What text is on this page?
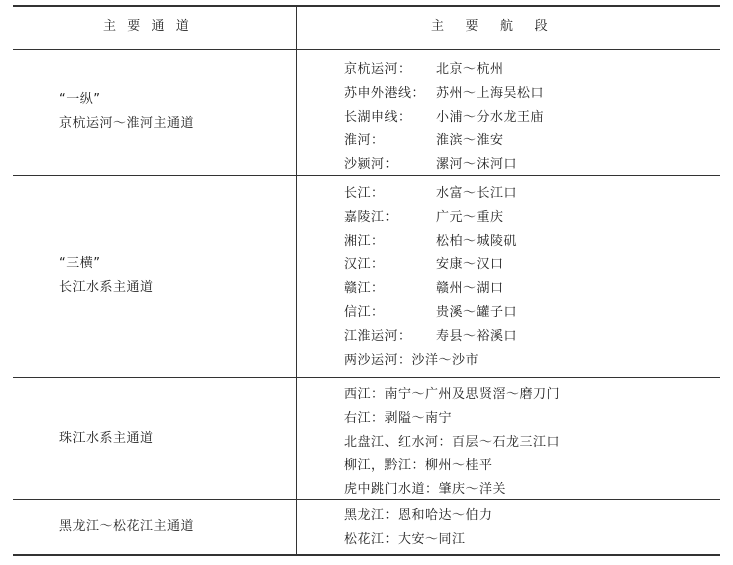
主  要  通  道	主    要    航    段
“一纵”
京杭运河～淮河主通道
京杭运河：	北京～杭州
苏申外港线： 苏州～上海吴松口
长湖申线：	小浦～分水龙王庙
淮河：	淮滨～淮安
沙颍河：	漯河～沫河口
“三横”
长江水系主通道
长江：	水富～长江口
嘉陵江：	广元～重庆
湘江：	松柏～城陵矶
汉江：	安康～汉口
赣江：	赣州～湖口
信江：	贵溪～罐子口
江淮运河：	寿县～裕溪口
两沙运河： 沙洋～沙市
珠江水系主通道
西江：南宁～广州及思贤滘～磨刀门
右江：剥隘～南宁
北盘江、红水河：百层～石龙三江口
柳江，黔江：柳州～桂平
虎中跳门水道：肇庆～洋关
黑龙江～松花江主通道
黑龙江：恩和哈达～伯力
松花江：大安～同江
